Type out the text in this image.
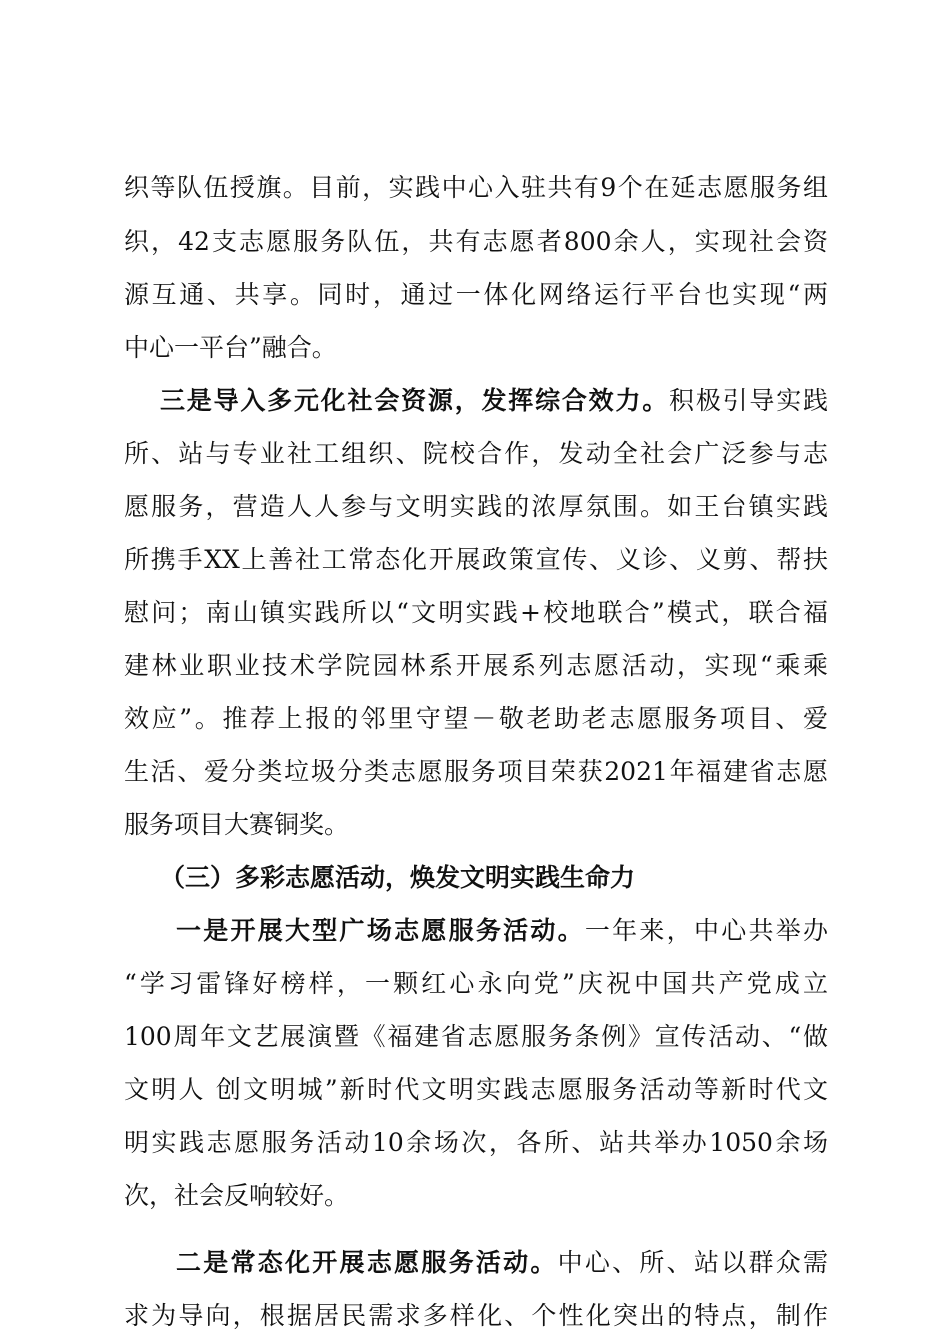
织等队伍授旗。目前，实践中心入驻共有9个在延志愿服务组
织，42支志愿服务队伍，共有志愿者800余人，实现社会资
源互通、共享。同时，通过一体化网络运行平台也实现“两
中心一平台”融合。
三是导入多元化社会资源，发挥综合效力。积极引导实践
所、站与专业社工组织、院校合作，发动全社会广泛参与志
愿服务，营造人人参与文明实践的浓厚氛围。如王台镇实践
所携手XX上善社工常态化开展政策宣传、义诊、义剪、帮扶
慰问；南山镇实践所以“文明实践+校地联合”模式，联合福
建林业职业技术学院园林系开展系列志愿活动，实现“乘乘
效应”。推荐上报的邻里守望－敬老助老志愿服务项目、爱
生活、爱分类垃圾分类志愿服务项目荣获2021年福建省志愿
服务项目大赛铜奖。
（三）多彩志愿活动，焕发文明实践生命力
一是开展大型广场志愿服务活动。一年来，中心共举办
“学习雷锋好榜样，一颗红心永向党”庆祝中国共产党成立
100周年文艺展演暨《福建省志愿服务条例》宣传活动、“做
文明人 创文明城”新时代文明实践志愿服务活动等新时代文
明实践志愿服务活动10余场次，各所、站共举办1050余场
次，社会反响较好。
二是常态化开展志愿服务活动。中心、所、站以群众需
求为导向，根据居民需求多样化、个性化突出的特点，制作
